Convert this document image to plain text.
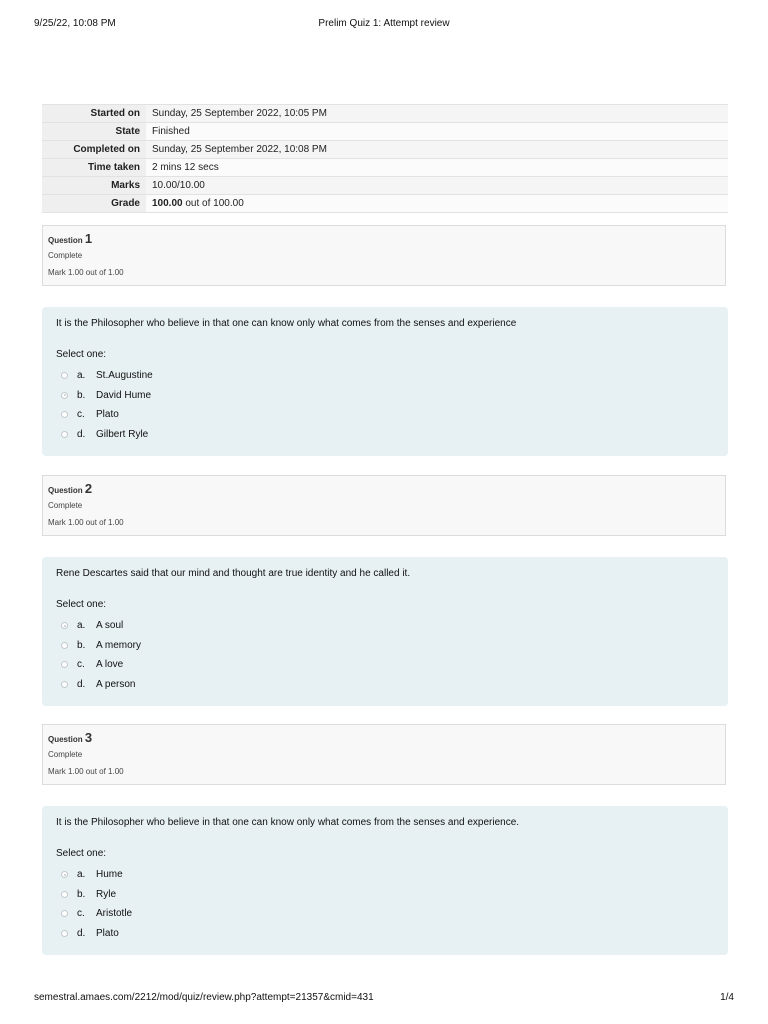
9/25/22, 10:08 PM	Prelim Quiz 1: Attempt review
Started on	Sunday, 25 September 2022, 10:05 PM
State	Finished
Completed on	Sunday, 25 September 2022, 10:08 PM
Time taken	2 mins 12 secs
Marks	10.00/10.00
Grade	100.00 out of 100.00
Question 1
Complete
Mark 1.00 out of 1.00
It is the Philosopher who believe in that one can know only what comes from the senses and experience
Select one:
a.	St.Augustine
b.	David Hume
c.	Plato
d.	Gilbert Ryle
Question 2
Complete
Mark 1.00 out of 1.00
Rene Descartes said that our mind and thought are true identity and he called it.
Select one:
a.	A soul
b.	A memory
c.	A love
d.	A person
Question 3
Complete
Mark 1.00 out of 1.00
It is the Philosopher who believe in that one can know only what comes from the senses and experience.
Select one:
a.	Hume
b.	Ryle
c.	Aristotle
d.	Plato
semestral.amaes.com/2212/mod/quiz/review.php?attempt=21357&cmid=431	1/4
